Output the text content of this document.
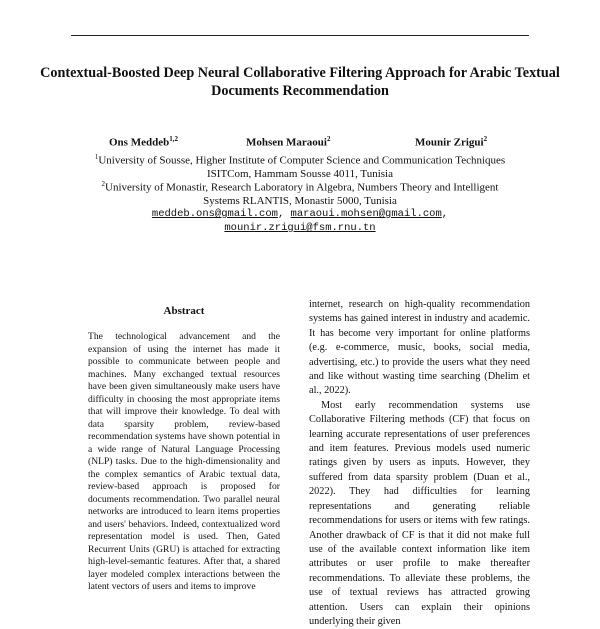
Contextual-Boosted Deep Neural Collaborative Filtering Approach for Arabic Textual Documents Recommendation
Ons Meddeb$^{1,2}$	Mohsen Maraoui$^2$	Mounir Zrigui$^2$
$^1$University of Sousse, Higher Institute of Computer Science and Communication Techniques
ISITCom, Hammam Sousse 4011, Tunisia
$^2$University of Monastir, Research Laboratory in Algebra, Numbers Theory and Intelligent
Systems RLANTIS, Monastir 5000, Tunisia
meddeb.ons@gmail.com, maraoui.mohsen@gmail.com,
mounir.zrigui@fsm.rnu.tn
Abstract

The technological advancement and the expansion of using the internet has made it possible to communicate between people and machines. Many exchanged textual resources have been given simultaneously make users have difficulty in choosing the most appropriate items that will improve their knowledge. To deal with data sparsity problem, review-based recommendation systems have shown potential in a wide range of Natural Language Processing (NLP) tasks. Due to the high-dimensionality and the complex semantics of Arabic textual data, review-based approach is proposed for documents recommendation. Two parallel neural networks are introduced to learn items properties and users' behaviors. Indeed, contextualized word representation model is used. Then, Gated Recurrent Units (GRU) is attached for extracting high-level-semantic features. After that, a shared layer modeled complex interactions between the latent vectors of users and items to improve

internet, research on high-quality recommendation systems has gained interest in industry and academic. It has become very important for online platforms (e.g. e-commerce, music, books, social media, advertising, etc.) to provide the users what they need and like without wasting time searching (Dhelim et al., 2022).

Most early recommendation systems use Collaborative Filtering methods (CF) that focus on learning accurate representations of user preferences and item features. Previous models used numeric ratings given by users as inputs. However, they suffered from data sparsity problem (Duan et al., 2022). They had difficulties for learning representations and generating reliable recommendations for users or items with few ratings. Another drawback of CF is that it did not make full use of the available context information like item attributes or user profile to make thereafter recommendations. To alleviate these problems, the use of textual reviews has attracted growing attention. Users can explain their opinions underlying their given
